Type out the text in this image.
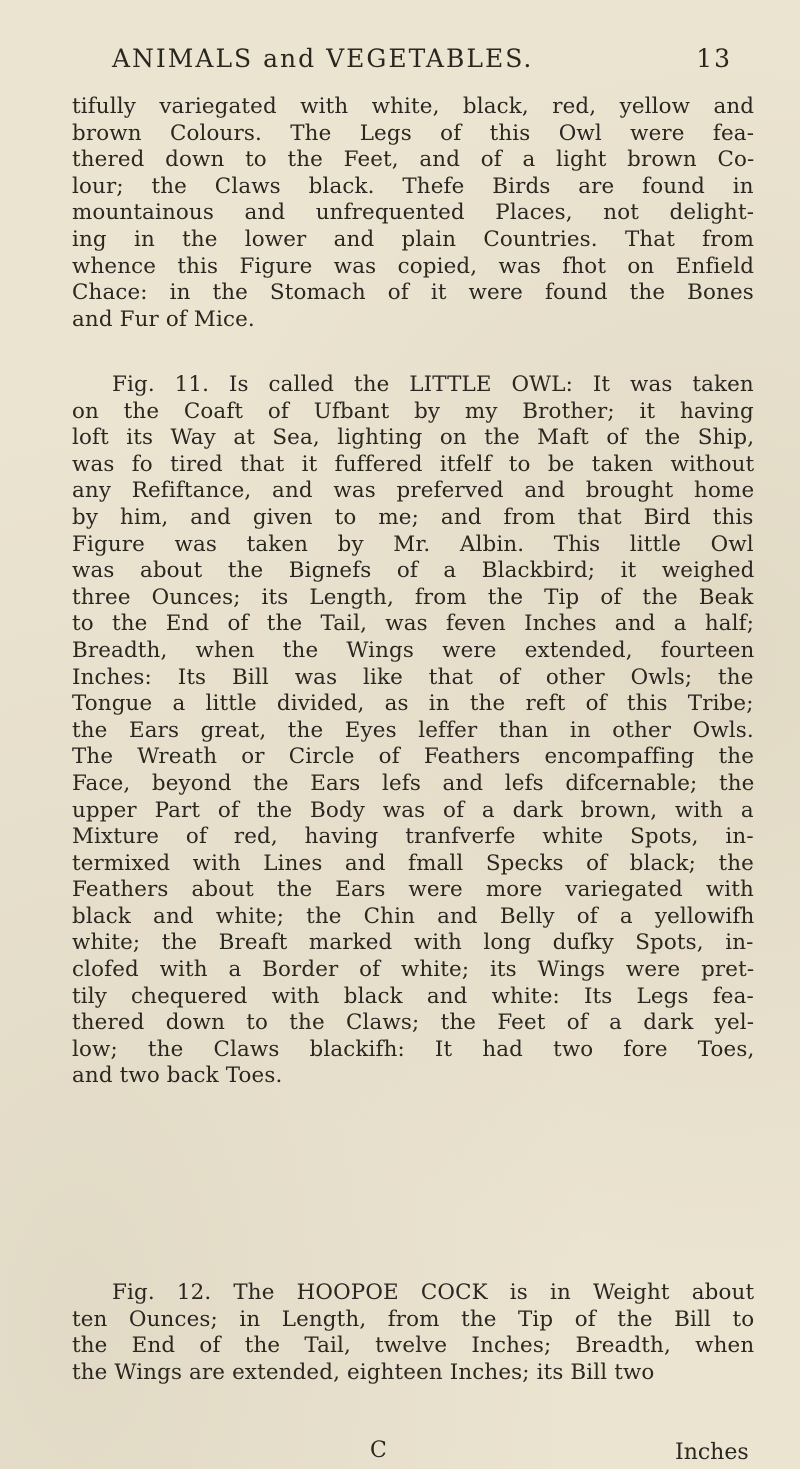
ANIMALS and VEGETABLES.	13
tifully variegated with white, black, red, yellow and
brown Colours. The Legs of this Owl were fea-
thered down to the Feet, and of a light brown Co-
lour; the Claws black. Thefe Birds are found in
mountainous and unfrequented Places, not delight-
ing in the lower and plain Countries. That from
whence this Figure was copied, was fhot on Enfield
Chace: in the Stomach of it were found the Bones
and Fur of Mice.
Fig. 11. Is called the LITTLE OWL: It was taken
on the Coaft of Ufbant by my Brother; it having
loft its Way at Sea, lighting on the Maft of the Ship,
was fo tired that it fuffered itfelf to be taken without
any Refiftance, and was preferved and brought home
by him, and given to me; and from that Bird this
Figure was taken by Mr. Albin. This little Owl
was about the Bignefs of a Blackbird; it weighed
three Ounces; its Length, from the Tip of the Beak
to the End of the Tail, was feven Inches and a half;
Breadth, when the Wings were extended, fourteen
Inches: Its Bill was like that of other Owls; the
Tongue a little divided, as in the reft of this Tribe;
the Ears great, the Eyes leffer than in other Owls.
The Wreath or Circle of Feathers encompaffing the
Face, beyond the Ears lefs and lefs difcernable; the
upper Part of the Body was of a dark brown, with a
Mixture of red, having tranfverfe white Spots, in-
termixed with Lines and fmall Specks of black; the
Feathers about the Ears were more variegated with
black and white; the Chin and Belly of a yellowifh
white; the Breaft marked with long dufky Spots, in-
clofed with a Border of white; its Wings were pret-
tily chequered with black and white: Its Legs fea-
thered down to the Claws; the Feet of a dark yel-
low; the Claws blackifh: It had two fore Toes,
and two back Toes.
Fig. 12. The HOOPOE COCK is in Weight about
ten Ounces; in Length, from the Tip of the Bill to
the End of the Tail, twelve Inches; Breadth, when
the Wings are extended, eighteen Inches; its Bill two
C	Inches
